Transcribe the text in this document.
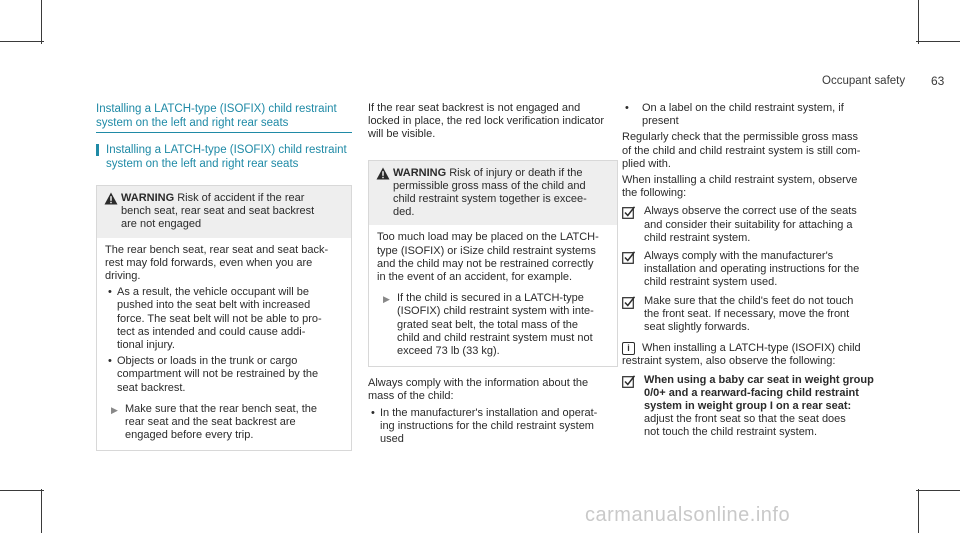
Occupant safety 63

Installing a LATCH-type (ISOFIX) child restraint

system on the left and right rear seats

Installing a LATCH-type (ISOFIX) child restraint

system on the left and right rear seats

WARNING Risk of accident if the rear

bench seat, rear seat and seat backrest

are not engaged

The rear bench seat, rear seat and seat back-

rest may fold forwards, even when you are

driving.

• As a result, the vehicle occupant will be

pushed into the seat belt with increased

force. The seat belt will not be able to pro-

tect as intended and could cause addi-

tional injury.

• Objects or loads in the trunk or cargo

compartment will not be restrained by the

seat backrest.

▶ Make sure that the rear bench seat, the

rear seat and the seat backrest are

engaged before every trip.

If the rear seat backrest is not engaged and

locked in place, the red lock verification indicator

will be visible.

WARNING Risk of injury or death if the

permissible gross mass of the child and

child restraint system together is excee-

ded.

Too much load may be placed on the LATCH-

type (ISOFIX) or iSize child restraint systems

and the child may not be restrained correctly

in the event of an accident, for example.

▶ If the child is secured in a LATCH-type

(ISOFIX) child restraint system with inte-

grated seat belt, the total mass of the

child and child restraint system must not

exceed 73 lb (33 kg).

Always comply with the information about the

mass of the child:

• In the manufacturer's installation and operat-

ing instructions for the child restraint system

used

•	On a label on the child restraint system, if

present

Regularly check that the permissible gross mass

of the child and child restraint system is still com-

plied with.

When installing a child restraint system, observe

the following:

Always observe the correct use of the seats

and consider their suitability for attaching a

child restraint system.

Always comply with the manufacturer's

installation and operating instructions for the

child restraint system used.

Make sure that the child's feet do not touch

the front seat. If necessary, move the front

seat slightly forwards.

i	When installing a LATCH-type (ISOFIX) child

restraint system, also observe the following:

When using a baby car seat in weight group

0/0+ and a rearward-facing child restraint

system in weight group I on a rear seat:

adjust the front seat so that the seat does

not touch the child restraint system.

carmanualsonline.info
